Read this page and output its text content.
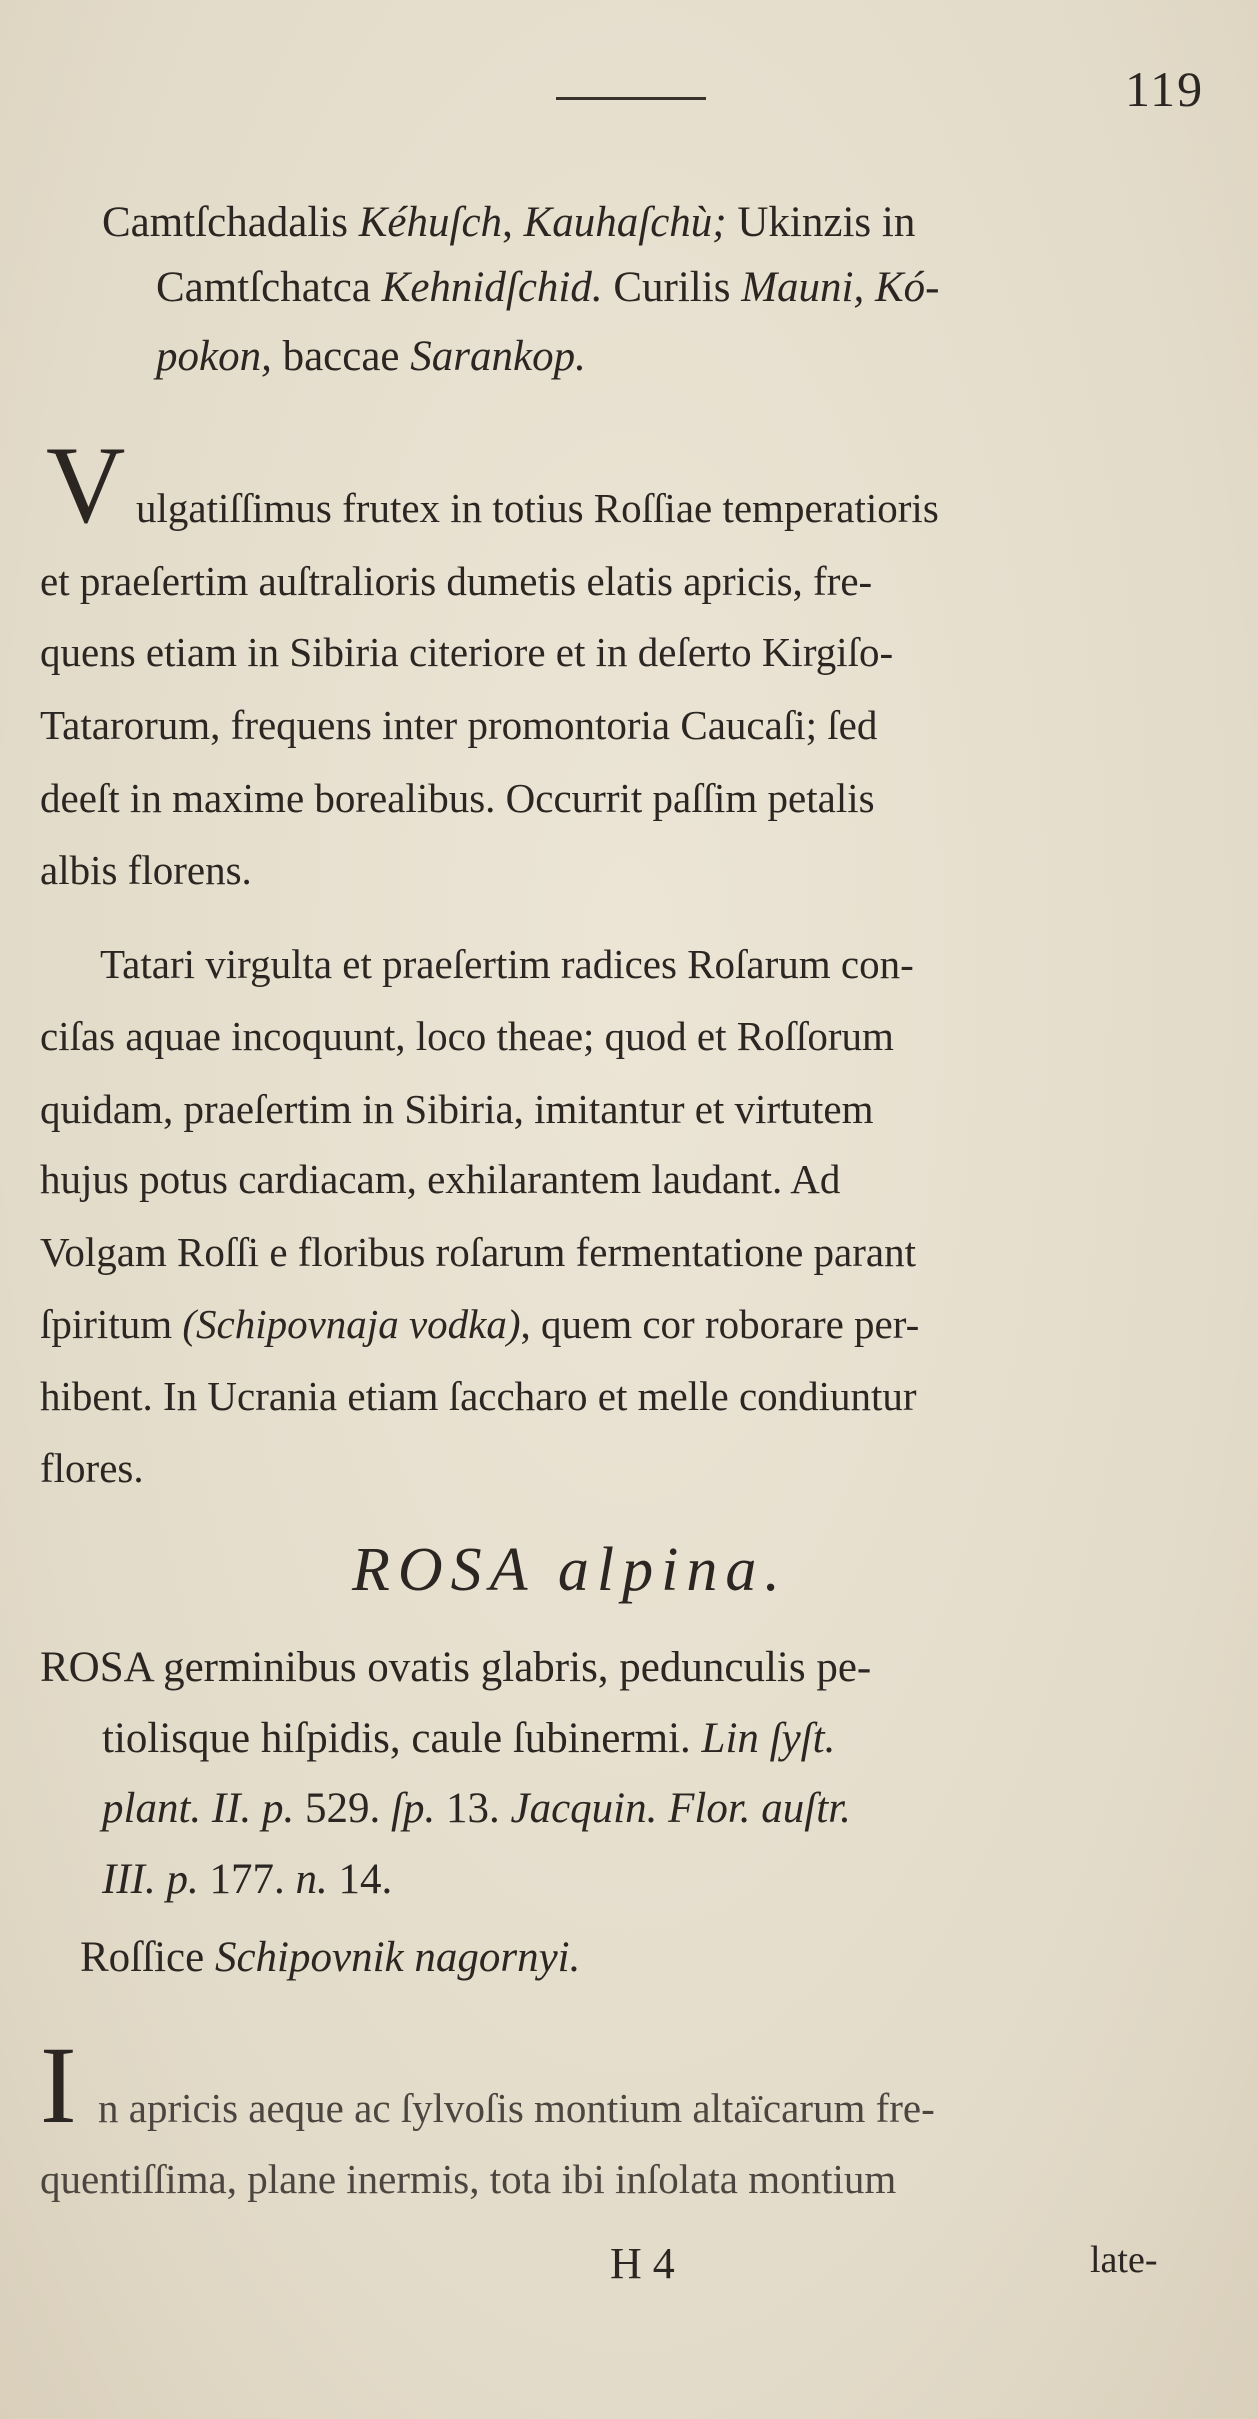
119
Camtſchadalis Kéhuſch, Kauhaſchù; Ukinzis in
Camtſchatca Kehnidſchid. Curilis Mauni, Kó-
pokon, baccae Sarankop.
V ulgatiſſimus frutex in totius Roſſiae temperatioris
et praeſertim auſtralioris dumetis elatis apricis, fre-
quens etiam in Sibiria citeriore et in deſerto Kirgiſo-
Tatarorum, frequens inter promontoria Caucaſi; ſed
deeſt in maxime borealibus. Occurrit paſſim petalis
albis florens.
Tatari virgulta et praeſertim radices Roſarum con-
ciſas aquae incoquunt, loco theae; quod et Roſſorum
quidam, praeſertim in Sibiria, imitantur et virtutem
hujus potus cardiacam, exhilarantem laudant. Ad
Volgam Roſſi e floribus roſarum fermentatione parant
ſpiritum (Schipovnaja vodka), quem cor roborare per-
hibent. In Ucrania etiam ſaccharo et melle condiuntur
flores.
ROSA alpina.
ROSA germinibus ovatis glabris, pedunculis pe-
tiolisque hiſpidis, caule ſubinermi. Lin ſyſt.
plant. II. p. 529. ſp. 13. Jacquin. Flor. auſtr.
III. p. 177. n. 14.
Roſſice Schipovnik nagornyi.
I n apricis aeque ac ſylvoſis montium altaïcarum fre-
quentiſſima, plane inermis, tota ibi inſolata montium
H 4	late-
